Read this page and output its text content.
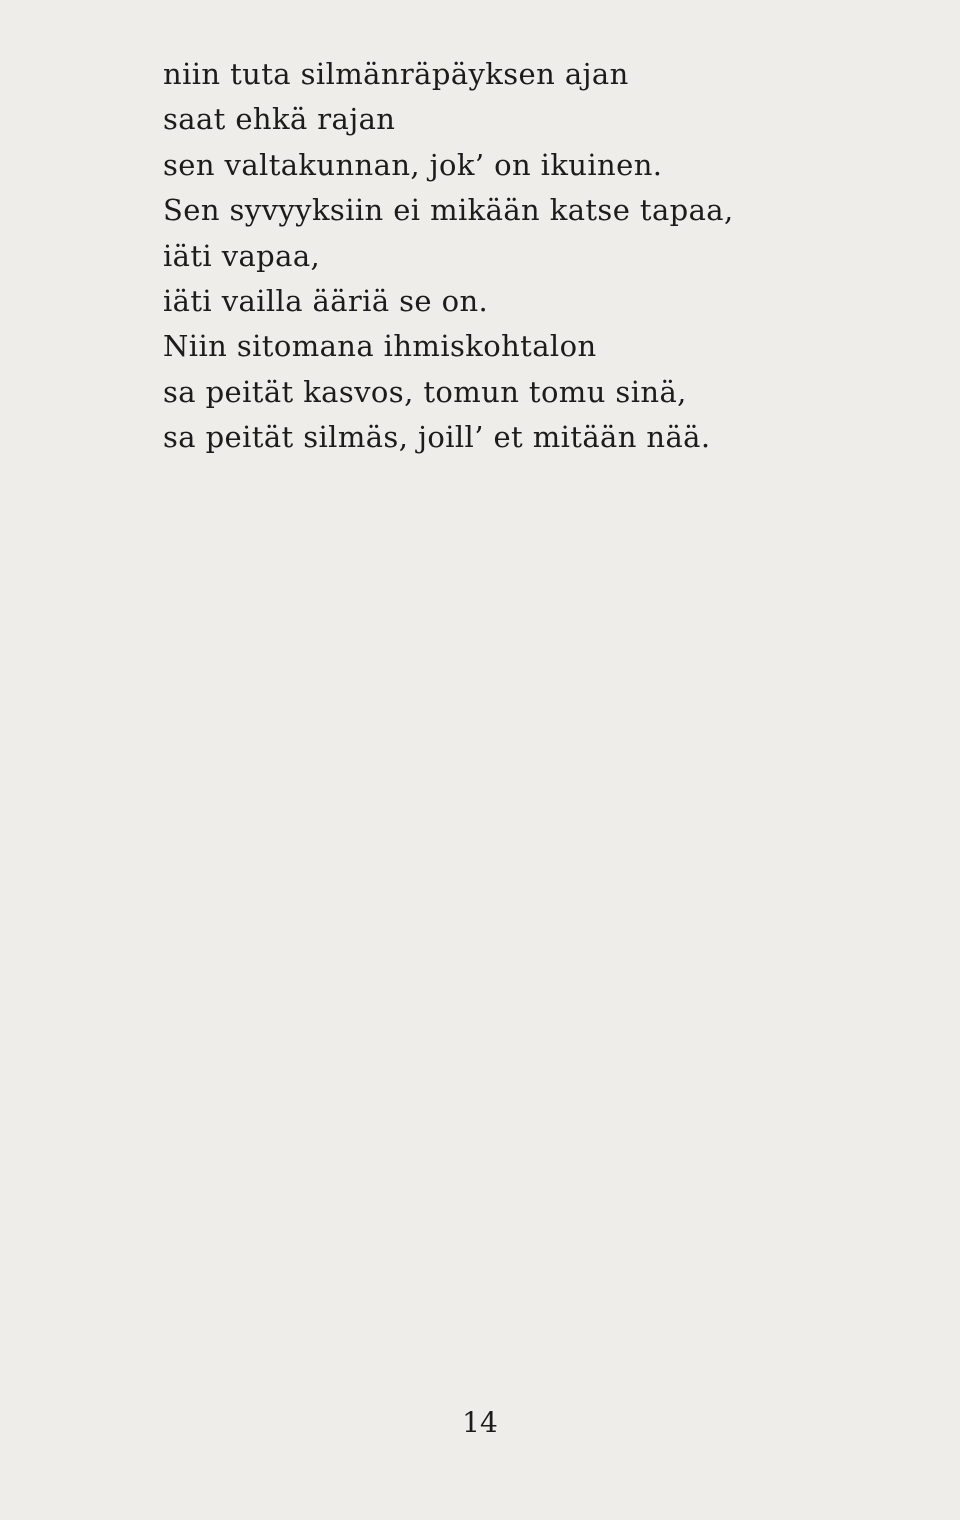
niin tuta silmänräpäyksen ajan
saat ehkä rajan
sen valtakunnan, jok’ on ikuinen.
Sen syvyyksiin ei mikään katse tapaa,
iäti vapaa,
iäti vailla ääriä se on.
Niin sitomana ihmiskohtalon
sa peität kasvos, tomun tomu sinä,
sa peität silmäs, joill’ et mitään nää.
14
